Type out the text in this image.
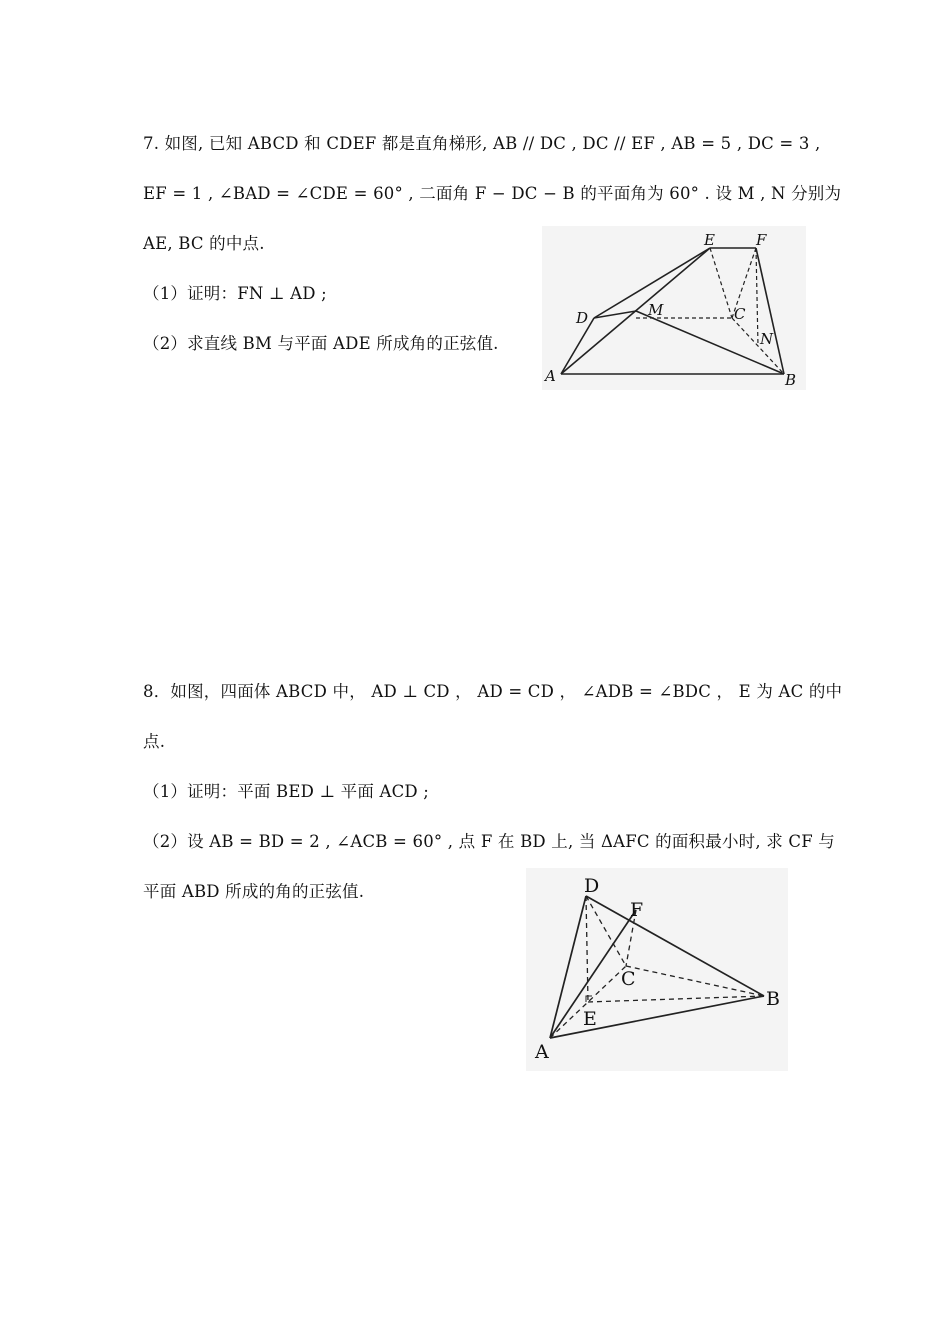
7. 如图, 已知 ABCD 和 CDEF 都是直角梯形, AB // DC , DC // EF , AB = 5 , DC = 3 ,
EF = 1 , ∠BAD = ∠CDE = 60° , 二面角 F − DC − B 的平面角为 60° . 设 M , N 分别为
AE, BC 的中点.
（1）证明：FN ⊥ AD ;
（2）求直线 BM 与平面 ADE 所成角的正弦值.
E	F
D	M	C
N
A	B
8．如图，四面体 ABCD 中， AD ⊥ CD ， AD = CD ， ∠ADB = ∠BDC ， E 为 AC 的中
点.
（1）证明：平面 BED ⊥ 平面 ACD ;
（2）设 AB = BD = 2 , ∠ACB = 60° , 点 F 在 BD 上, 当 ΔAFC 的面积最小时, 求 CF 与
平面 ABD 所成的角的正弦值.	D
F
C
B
E
A
